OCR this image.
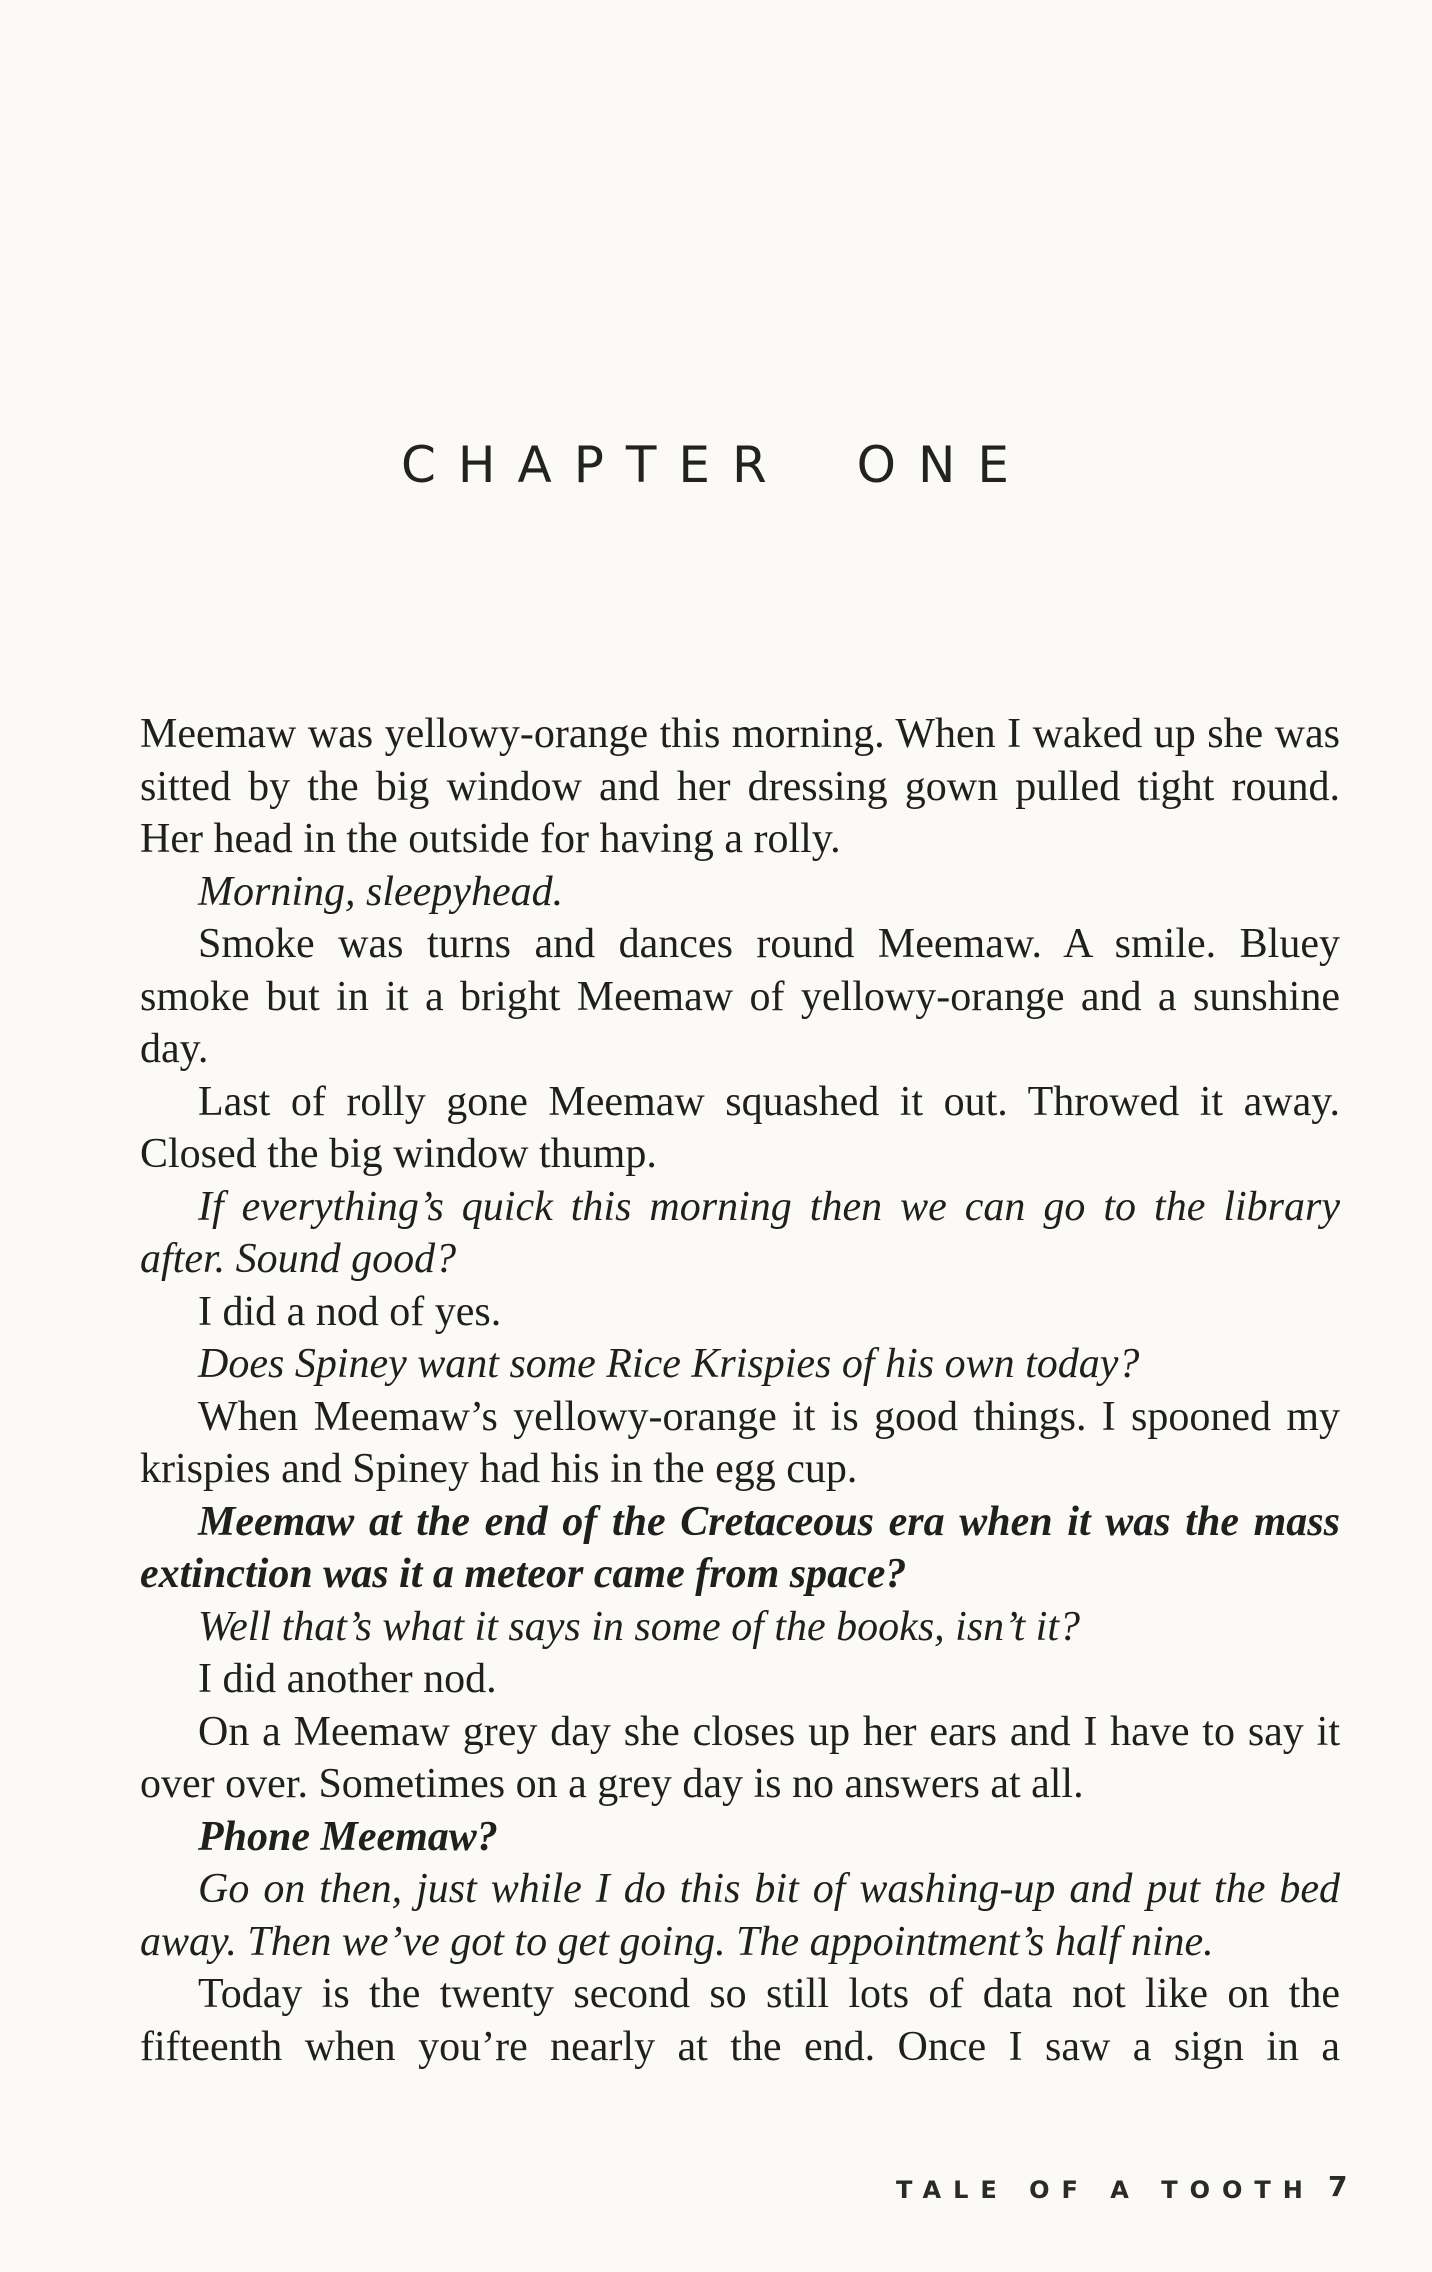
CHAPTER ONE

Meemaw was yellowy-orange this morning. When I waked up she was sitted by the big window and her dressing gown pulled tight round. Her head in the outside for having a rolly.

Morning, sleepyhead.

Smoke was turns and dances round Meemaw. A smile. Bluey smoke but in it a bright Meemaw of yellowy-orange and a sunshine day.

Last of rolly gone Meemaw squashed it out. Throwed it away. Closed the big window thump.

If everything’s quick this morning then we can go to the library after. Sound good?

I did a nod of yes.

Does Spiney want some Rice Krispies of his own today?

When Meemaw’s yellowy-orange it is good things. I spooned my krispies and Spiney had his in the egg cup.

Meemaw at the end of the Cretaceous era when it was the mass extinction was it a meteor came from space?

Well that’s what it says in some of the books, isn’t it?

I did another nod.

On a Meemaw grey day she closes up her ears and I have to say it over over. Sometimes on a grey day is no answers at all.

Phone Meemaw?

Go on then, just while I do this bit of washing-up and put the bed away. Then we’ve got to get going. The appointment’s half nine.

Today is the twenty second so still lots of data not like on the fifteenth when you’re nearly at the end. Once I saw a sign in a

TALE OF A TOOTH 7
